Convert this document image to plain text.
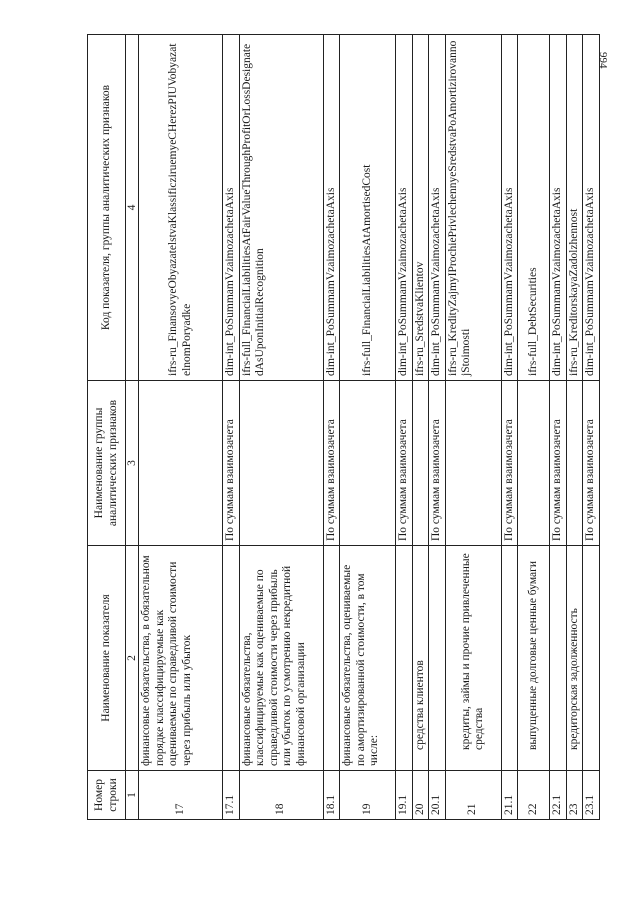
994
Номер строки	Наименование показателя	Наименование группы аналитических признаков	Код показателя, группы аналитических признаков
1	2	3	4
17	финансовые обязательства, в обязательном порядке классифицируемые как оцениваемые по справедливой стоимости через прибыль или убыток		ifrs-ru_FinansovyeObyazatelstvaKlassificziruemyeCHerezPIUVobyazatelnomPoryadke
17.1		По суммам взаимозачета	dim-int_PoSummamVzaimozachetaAxis
18	финансовые обязательства, классифицируемые как оцениваемые по справедливой стоимости через прибыль или убыток по усмотрению некредитной финансовой организации		ifrs-full_FinancialLiabilitiesAtFairValueThroughProfitOrLossDesignatedAsUponInitialRecognition
18.1		По суммам взаимозачета	dim-int_PoSummamVzaimozachetaAxis
19	финансовые обязательства, оцениваемые по амортизированной стоимости, в том числе:		ifrs-full_FinancialLiabilitiesAtAmortisedCost
19.1		По суммам взаимозачета	dim-int_PoSummamVzaimozachetaAxis
20	средства клиентов		ifrs-ru_SredstvaKlientov
20.1		По суммам взаимозачета	dim-int_PoSummamVzaimozachetaAxis
21	кредиты, займы и прочие привлеченные средства		ifrs-ru_KredityZajmyIProchiePrivlechennyeSredstvaPoAmortizirovannojStoimosti
21.1		По суммам взаимозачета	dim-int_PoSummamVzaimozachetaAxis
22	выпущенные долговые ценные бумаги		ifrs-full_DebtSecurities
22.1		По суммам взаимозачета	dim-int_PoSummamVzaimozachetaAxis
23	кредиторская задолженность		ifrs-ru_KreditorskayaZadolzhennost
23.1		По суммам взаимозачета	dim-int_PoSummamVzaimozachetaAxis
